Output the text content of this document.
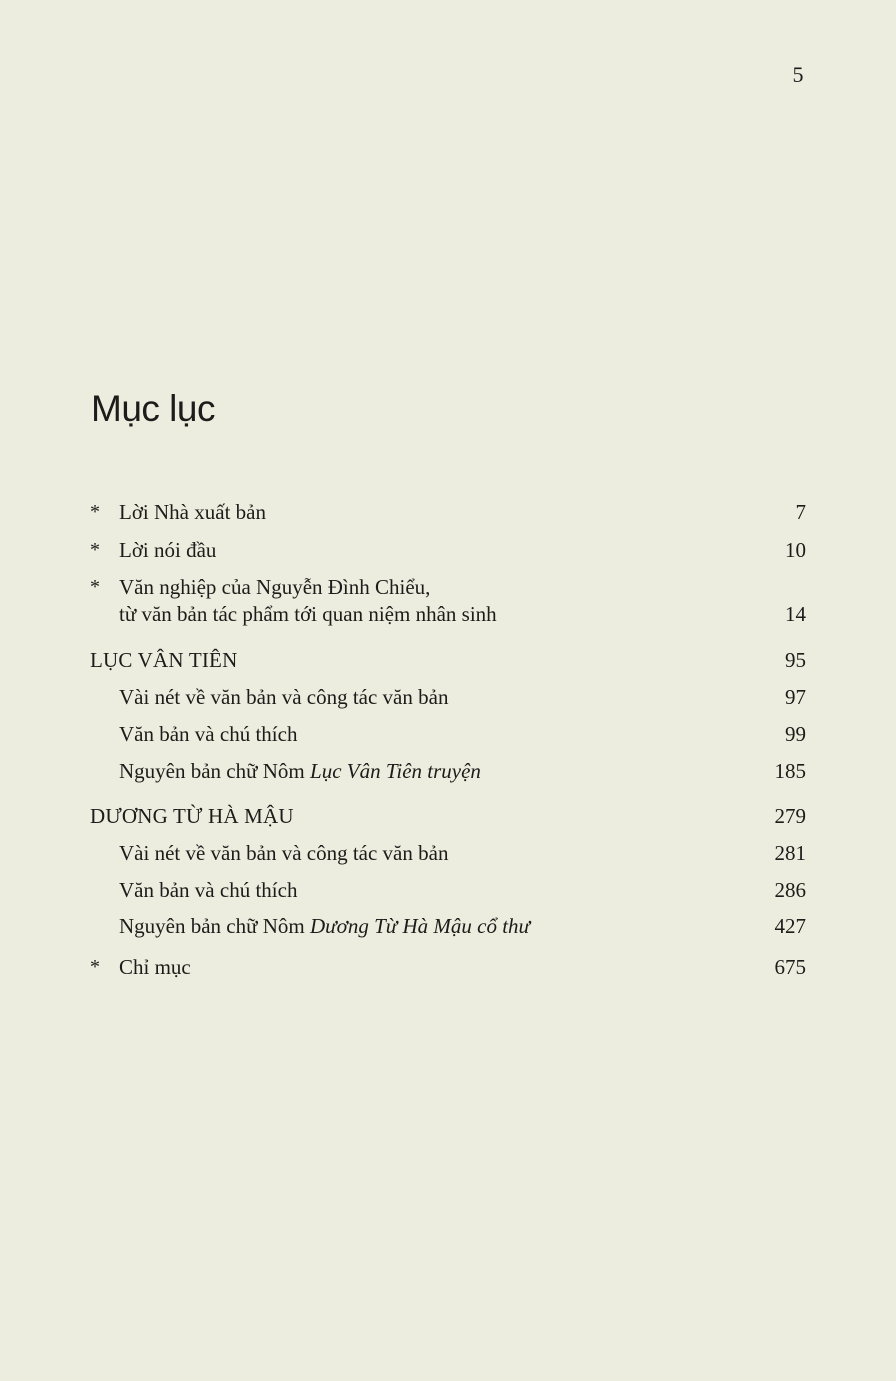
5
Mục lục
* Lời Nhà xuất bản	7
* Lời nói đầu	10
* Văn nghiệp của Nguyễn Đình Chiểu,
từ văn bản tác phẩm tới quan niệm nhân sinh	14
LỤC VÂN TIÊN	95
Vài nét về văn bản và công tác văn bản	97
Văn bản và chú thích	99
Nguyên bản chữ Nôm Lục Vân Tiên truyện	185
DƯƠNG TỪ HÀ MẬU	279
Vài nét về văn bản và công tác văn bản	281
Văn bản và chú thích	286
Nguyên bản chữ Nôm Dương Từ Hà Mậu cổ thư	427
* Chỉ mục	675
